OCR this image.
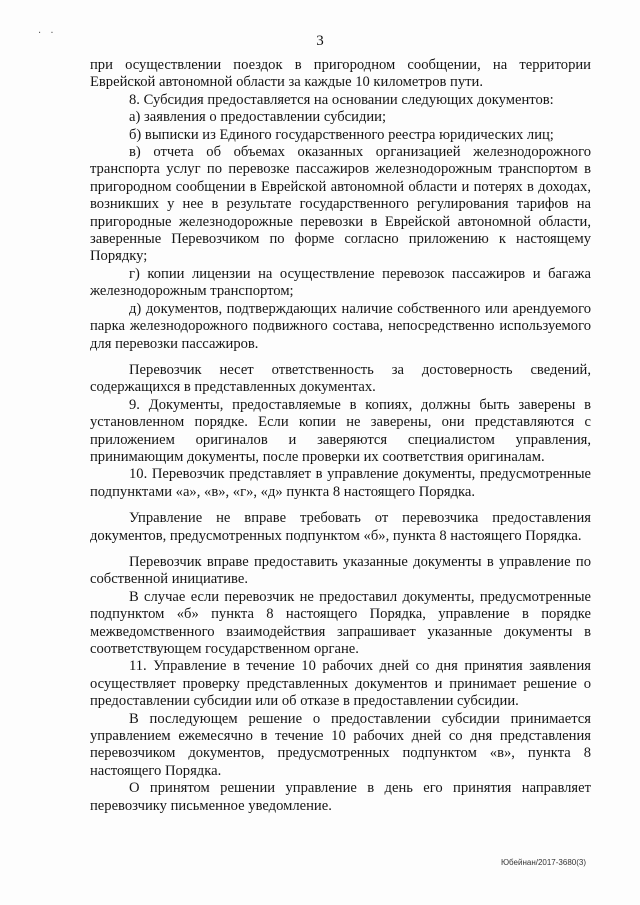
· ·	3

при осуществлении поездок в пригородном сообщении, на территории Еврейской автономной области за каждые 10 километров пути.

8. Субсидия предоставляется на основании следующих документов:

а) заявления о предоставлении субсидии;

б) выписки из Единого государственного реестра юридических лиц;

в) отчета об объемах оказанных организацией железнодорожного транспорта услуг по перевозке пассажиров железнодорожным транспортом в пригородном сообщении в Еврейской автономной области и потерях в доходах, возникших у нее в результате государственного регулирования тарифов на пригородные железнодорожные перевозки в Еврейской автономной области, заверенные Перевозчиком по форме согласно приложению к настоящему Порядку;

г) копии лицензии на осуществление перевозок пассажиров и багажа железнодорожным транспортом;

д) документов, подтверждающих наличие собственного или арендуемого парка железнодорожного подвижного состава, непосредственно используемого для перевозки пассажиров.

Перевозчик несет ответственность за достоверность сведений, содержащихся в представленных документах.

9. Документы, предоставляемые в копиях, должны быть заверены в установленном порядке. Если копии не заверены, они представляются с приложением оригиналов и заверяются специалистом управления, принимающим документы, после проверки их соответствия оригиналам.

10. Перевозчик представляет в управление документы, предусмотренные подпунктами «а», «в», «г», «д» пункта 8 настоящего Порядка.

Управление не вправе требовать от перевозчика предоставления документов, предусмотренных подпунктом «б», пункта 8 настоящего Порядка.

Перевозчик вправе предоставить указанные документы в управление по собственной инициативе.

В случае если перевозчик не предоставил документы, предусмотренные подпунктом «б» пункта 8 настоящего Порядка, управление в порядке межведомственного взаимодействия запрашивает указанные документы в соответствующем государственном органе.

11. Управление в течение 10 рабочих дней со дня принятия заявления осуществляет проверку представленных документов и принимает решение о предоставлении субсидии или об отказе в предоставлении субсидии.

В последующем решение о предоставлении субсидии принимается управлением ежемесячно в течение 10 рабочих дней со дня представления перевозчиком документов, предусмотренных подпунктом «в», пункта 8 настоящего Порядка.

О принятом решении управление в день его принятия направляет перевозчику письменное уведомление.

Юбейнан/2017-3680(3)
